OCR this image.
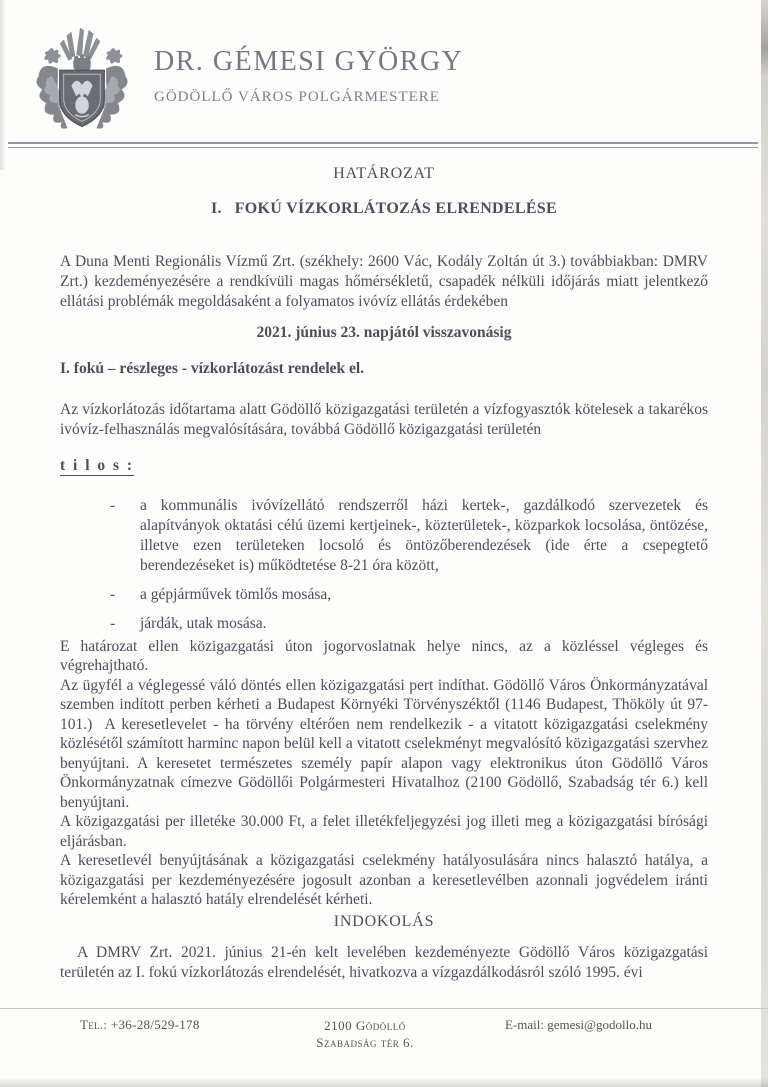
DR. GÉMESI GYÖRGY
GÖDÖLLŐ VÁROS POLGÁRMESTERE

HATÁROZAT

I.   FOKÚ VÍZKORLÁTOZÁS ELRENDELÉSE

A Duna Menti Regionális Vízmű Zrt. (székhely: 2600 Vác, Kodály Zoltán út 3.) továbbiakban: DMRV Zrt.) kezdeményezésére a rendkívüli magas hőmérsékletű, csapadék nélküli időjárás miatt jelentkező ellátási problémák megoldásaként a folyamatos ivóvíz ellátás érdekében

2021. június 23. napjától visszavonásig

I. fokú – részleges - vízkorlátozást rendelek el.

Az vízkorlátozás időtartama alatt Gödöllő közigazgatási területén a vízfogyasztók kötelesek a takarékos ivóvíz-felhasználás megvalósítására, továbbá Gödöllő közigazgatási területén

t i l o s :

- a kommunális ivóvízellátó rendszerről házi kertek-, gazdálkodó szervezetek és alapítványok oktatási célú üzemi kertjeinek-, közterületek-, közparkok locsolása, öntözése, illetve ezen területeken locsoló és öntözőberendezések (ide érte a csepegtető berendezéseket is) működtetése 8-21 óra között,
- a gépjárművek tömlős mosása,
- járdák, utak mosása.

E határozat ellen közigazgatási úton jogorvoslatnak helye nincs, az a közléssel végleges és végrehajtható.

Az ügyfél a véglegessé váló döntés ellen közigazgatási pert indíthat. Gödöllő Város Önkormányzatával szemben indított perben kérheti a Budapest Környéki Törvényszéktől (1146 Budapest, Thököly út 97-101.)  A keresetlevelet - ha törvény eltérően nem rendelkezik - a vitatott közigazgatási cselekmény közlésétől számított harminc napon belül kell a vitatott cselekményt megvalósító közigazgatási szervhez benyújtani. A keresetet természetes személy papír alapon vagy elektronikus úton Gödöllő Város Önkormányzatnak címezve Gödöllői Polgármesteri Hivatalhoz (2100 Gödöllő, Szabadság tér 6.) kell benyújtani.

A közigazgatási per illetéke 30.000 Ft, a felet illetékfeljegyzési jog illeti meg a közigazgatási bírósági eljárásban.

A keresetlevél benyújtásának a közigazgatási cselekmény hatályosulására nincs halasztó hatálya, a közigazgatási per kezdeményezésére jogosult azonban a keresetlevélben azonnali jogvédelem iránti kérelemként a halasztó hatály elrendelését kérheti.

INDOKOLÁS

A DMRV Zrt. 2021. június 21-én kelt levelében kezdeményezte Gödöllő Város közigazgatási területén az I. fokú vízkorlátozás elrendelését, hivatkozva a vízgazdálkodásról szóló 1995. évi

Tel.: +36-28/529-178	2100 Gödöllő
Szabadság tér 6.
E-mail: gemesi@godollo.hu
